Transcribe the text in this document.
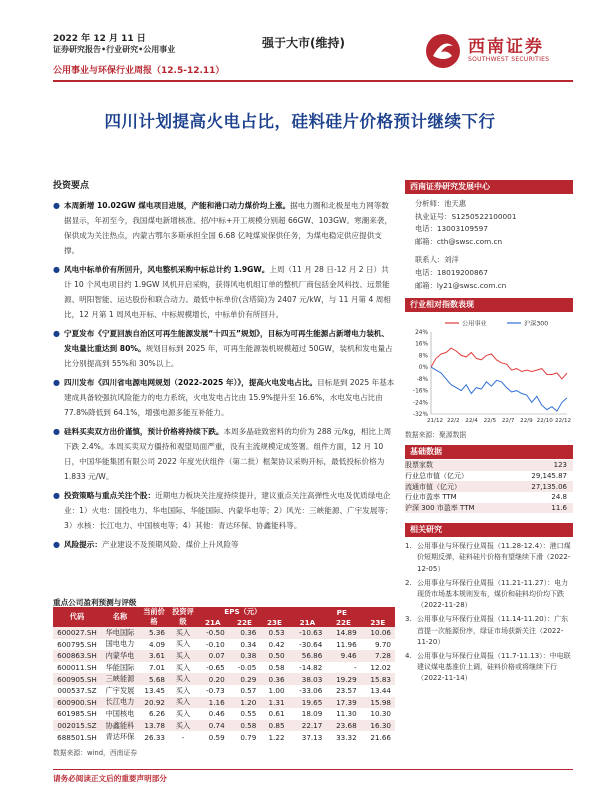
2022 年 12 月 11 日
证券研究报告•行业研究•公用事业
公用事业与环保行业周报（12.5-12.11）
强于大市(维持)	西南证券
SOUTHWEST SECURITIES
四川计划提高火电占比，硅料硅片价格预计继续下行
投资要点
● 本周新增 10.02GW 煤电项目进展，产能和港口动力煤价均上涨。据电力圈和北极星电力网等数据显示，年初至今，我国煤电新增核准、招/中标+开工规模分别超 66GW、103GW。寒潮来袭，保供成为关注热点，内蒙古鄂尔多斯承担全国 6.68 亿吨煤炭保供任务，为煤电稳定供应提供支撑。
● 风电中标单价有所回升，风电整机采购中标总计约 1.9GW。上周（11 月 28 日-12 月 2 日）共计 10 个风电项目约 1.9GW 风机开启采购，获得风电机组订单的整机厂商包括金风科技、远景能源、明阳智能、运达股份和联合动力。最低中标单价(含塔筒)为 2407 元/kW，与 11 月第 4 周相比，12 月第 1 周风电开标、中标规模增长，中标单价有所回升。
● 宁夏发布《宁夏回族自治区可再生能源发展“十四五”规划》，目标为可再生能源占新增电力装机、发电量比重达到 80%。规划目标到 2025 年，可再生能源装机规模超过 50GW，装机和发电量占比分别提高到 55%和 30%以上。
● 四川发布《四川省电源电网规划（2022-2025 年）》，提高火电发电占比。目标是到 2025 年基本建成具备较强抗风险能力的电力系统，火电发电占比由 15.9%提升至 16.6%，水电发电占比由 77.8%降低到 64.1%，增强电源多能互补能力。
● 硅料买卖双方出价谨慎，预计价格将持续下跌。本周多晶硅致密料的均价为 288 元/kg，相比上周下跌 2.4%。本周买卖双方僵持和观望局面严重，没有主流规模定成签署。组件方面，12 月 10 日，中国华能集团有限公司 2022 年度光伏组件（第二批）框架协议采购开标，最低投标价格为 1.833 元/W。
● 投资策略与重点关注个股：近期电力板块关注度持续提升，建议重点关注高弹性火电及优质绿电企业：1）火电：国投电力、华电国际、华能国际、内蒙华电等；2）风光：三峡能源、广宇发展等；3）水核：长江电力、中国核电等；4）其他：青达环保、协鑫能科等。
● 风险提示：产业建设不及预期风险、煤价上升风险等
重点公司盈利预测与评级
代码	名称	当前价格	投资评级	EPS（元）			PE		
				21A	22E	23E	21A	22E	23E
600027.SH	华电国际	5.36	买入	-0.50	0.36	0.53	-10.63	14.89	10.06
600795.SH	国电电力	4.09	买入	-0.10	0.34	0.42	-30.64	11.96	9.70
600863.SH	内蒙华电	3.61	买入	0.07	0.38	0.50	56.86	9.46	7.28
600011.SH	华能国际	7.01	买入	-0.65	-0.05	0.58	-14.82	-	12.02
600905.SH	三峡能源	5.68	买入	0.20	0.29	0.36	38.03	19.29	15.83
000537.SZ	广宇发展	13.45	买入	-0.73	0.57	1.00	-33.06	23.57	13.44
600900.SH	长江电力	20.92	买入	1.16	1.20	1.31	19.65	17.39	15.98
601985.SH	中国核电	6.26	买入	0.46	0.55	0.61	18.09	11.30	10.30
002015.SZ	协鑫能科	13.78	买入	0.74	0.58	0.85	22.17	23.68	16.30
688501.SH	青达环保	26.33	-	0.59	0.79	1.22	37.13	33.32	21.66
数据来源：wind，西南证券
请务必阅读正文后的重要声明部分
西南证券研究发展中心
分析师：池天惠
执业证号：S1250522100001
电话：13003109597
邮箱：cth@swsc.com.cn
联系人：刘洋
电话：18019200867
邮箱：ly21@swsc.com.cn
行业相对指数表现
公用事业	沪深300
24%
16%
8%
0%
-8%
-16%
-24%
-32%
21/12 22/2 22/4 22/5 22/7 22/9 22/10 22/12
数据来源：聚源数据
基础数据
股票家数	123
行业总市值（亿元）	29,145.87
流通市值（亿元）	27,135.06
行业市盈率 TTM	24.8
沪深 300 市盈率 TTM	11.6
相关研究
1. 公用事业与环保行业周报（11.28-12.4）：港口煤价短期反弹，硅料硅片价格有望继续下滑（2022-12-05）
2. 公用事业与环保行业周报（11.21-11.27）：电力现货市场基本规则发布，煤价和硅料均价均下跌（2022-11-28）
3. 公用事业与环保行业周报（11.14-11.20）：广东首提一次能源份序，绿证市场获新关注（2022-11-20）
4. 公用事业与环保行业周报（11.7-11.13）：中电联建议煤电基准价上调，硅料价格或将继续下行（2022-11-14）
